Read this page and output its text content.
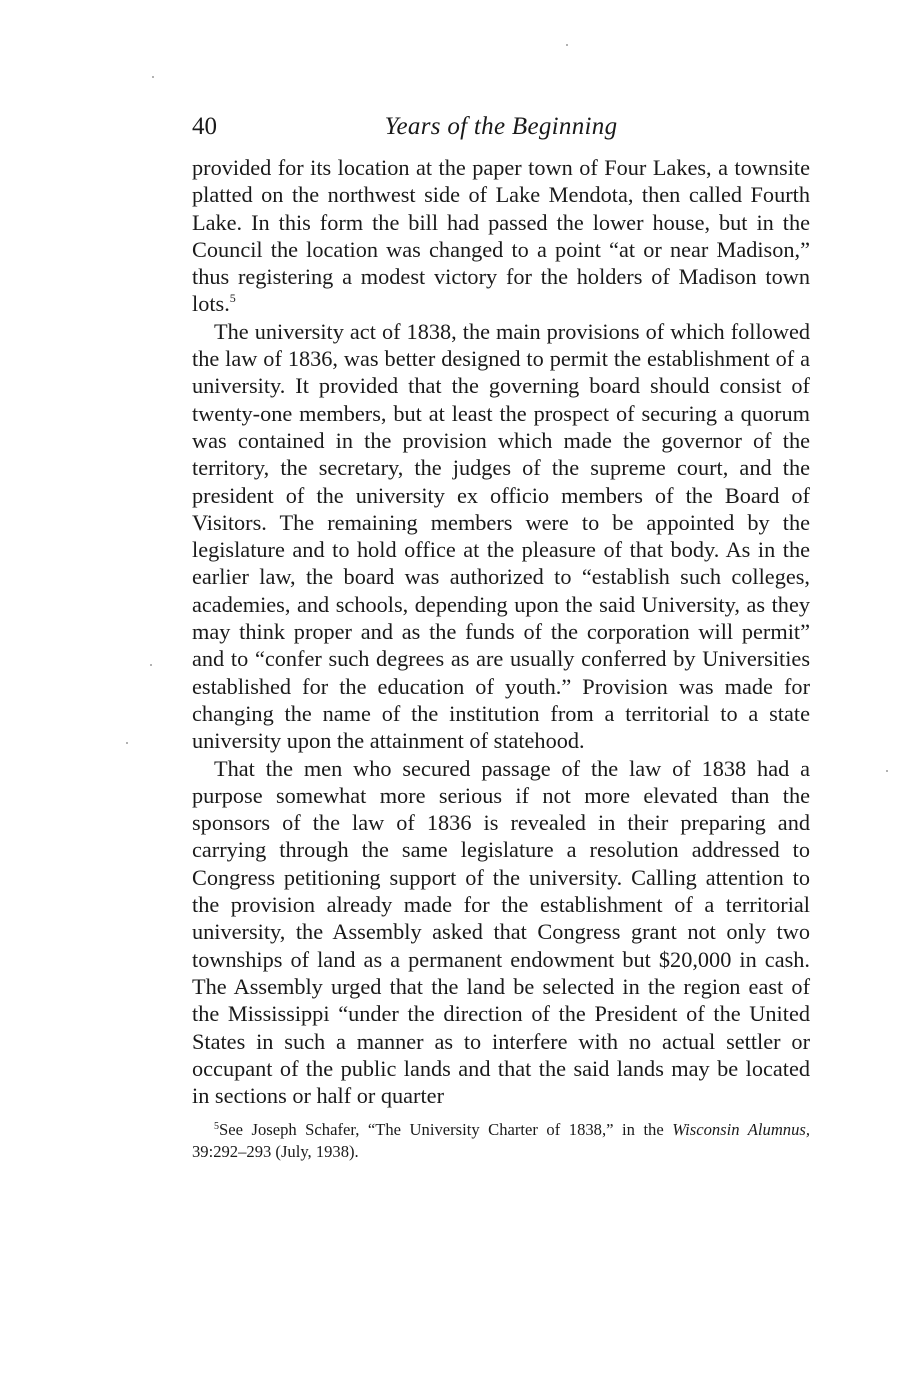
40	Years of the Beginning

provided for its location at the paper town of Four Lakes, a townsite platted on the northwest side of Lake Mendota, then called Fourth Lake. In this form the bill had passed the lower house, but in the Council the location was changed to a point “at or near Madison,” thus registering a modest victory for the holders of Madison town lots.$^5$

The university act of 1838, the main provisions of which followed the law of 1836, was better designed to permit the establishment of a university. It provided that the governing board should consist of twenty-one members, but at least the prospect of securing a quorum was contained in the provision which made the governor of the territory, the secretary, the judges of the supreme court, and the president of the university ex officio members of the Board of Visitors. The remaining members were to be appointed by the legislature and to hold office at the pleasure of that body. As in the earlier law, the board was authorized to “establish such colleges, academies, and schools, depending upon the said University, as they may think proper and as the funds of the corporation will permit” and to “confer such degrees as are usually conferred by Universities established for the education of youth.” Provision was made for changing the name of the institution from a territorial to a state university upon the attainment of statehood.

That the men who secured passage of the law of 1838 had a purpose somewhat more serious if not more elevated than the sponsors of the law of 1836 is revealed in their preparing and carrying through the same legislature a resolution addressed to Congress petitioning support of the university. Calling attention to the provision already made for the establishment of a territorial university, the Assembly asked that Congress grant not only two townships of land as a permanent endowment but $20,000 in cash. The Assembly urged that the land be selected in the region east of the Mississippi “under the direction of the President of the United States in such a manner as to interfere with no actual settler or occupant of the public lands and that the said lands may be located in sections or half or quarter

$^5$See Joseph Schafer, “The University Charter of 1838,” in the Wisconsin Alumnus, 39:292–293 (July, 1938).
